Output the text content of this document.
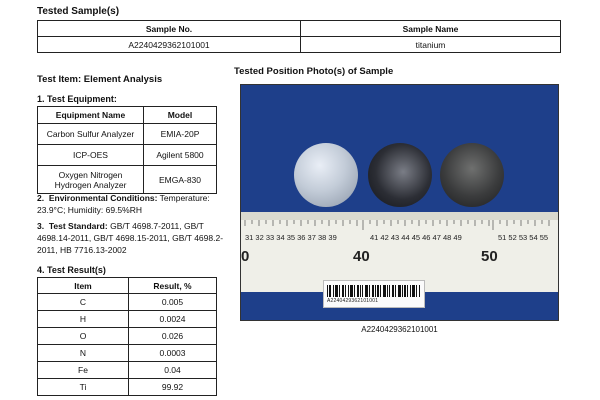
Tested Sample(s)
Sample No.	Sample Name
A2240429362101001	titanium
Test Item: Element Analysis
1. Test Equipment:
Equipment Name	Model
Carbon Sulfur Analyzer	EMIA-20P
ICP-OES	Agilent 5800
Oxygen Nitrogen Hydrogen Analyzer	EMGA-830
2. Environmental Conditions: Temperature: 23.9°C; Humidity: 69.5%RH
3. Test Standard: GB/T 4698.7-2011, GB/T 4698.14-2011, GB/T 4698.15-2011, GB/T 4698.2-2011, HB 7716.13-2002
4. Test Result(s)
Item	Result, %
C	0.005
H	0.0024
O	0.026
N	0.0003
Fe	0.04
Ti	99.92
Tested Position Photo(s) of Sample
31 32 33 34 35 36 37 38 39	41 42 43 44 45 46 47 48 49	51 52 53 54 55
0	40	50
A2240429362101001
A2240429362101001
